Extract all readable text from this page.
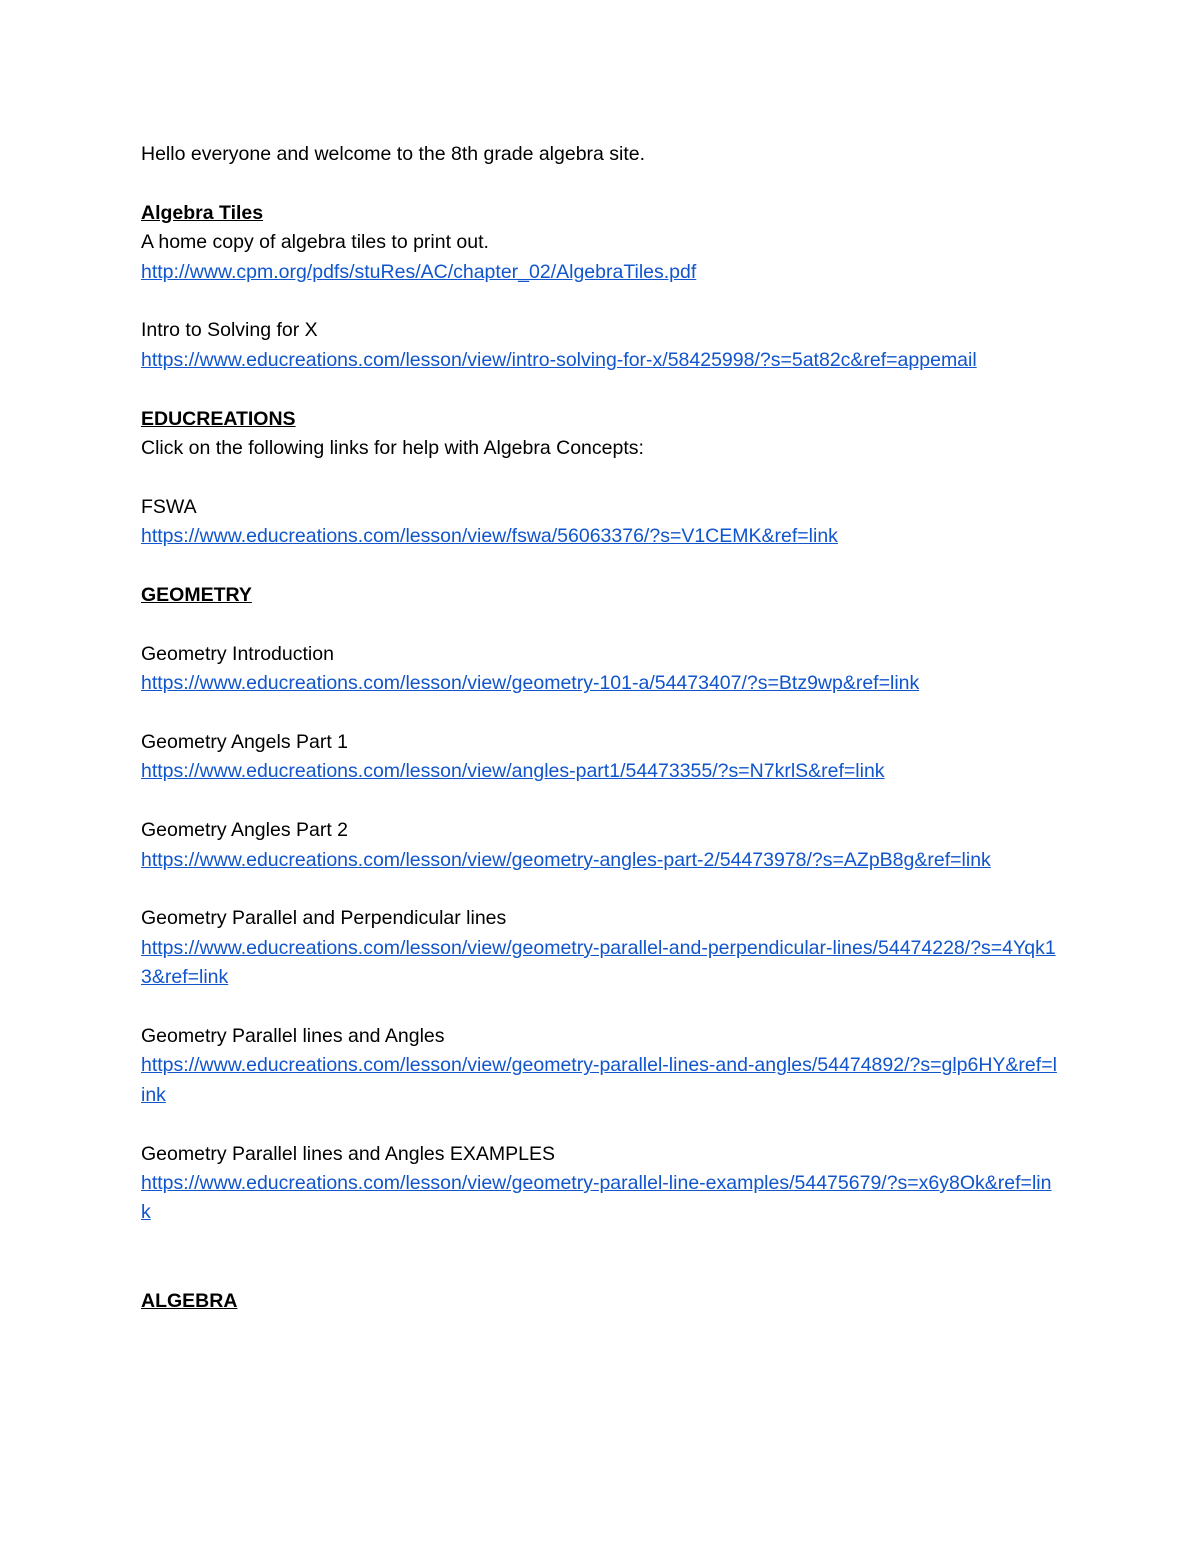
Hello everyone and welcome to the 8th grade algebra site.
Algebra Tiles
A home copy of algebra tiles to print out.
http://www.cpm.org/pdfs/stuRes/AC/chapter_02/AlgebraTiles.pdf
Intro to Solving for X
https://www.educreations.com/lesson/view/intro-solving-for-x/58425998/?s=5at82c&ref=appemail
EDUCREATIONS
Click on the following links for help with Algebra Concepts:
FSWA
https://www.educreations.com/lesson/view/fswa/56063376/?s=V1CEMK&ref=link
GEOMETRY
Geometry Introduction
https://www.educreations.com/lesson/view/geometry-101-a/54473407/?s=Btz9wp&ref=link
Geometry Angels Part 1
https://www.educreations.com/lesson/view/angles-part1/54473355/?s=N7krlS&ref=link
Geometry Angles Part 2
https://www.educreations.com/lesson/view/geometry-angles-part-2/54473978/?s=AZpB8g&ref=link
Geometry Parallel and Perpendicular lines
https://www.educreations.com/lesson/view/geometry-parallel-and-perpendicular-lines/54474228/?s=4Yqk13&ref=link
Geometry Parallel lines and Angles
https://www.educreations.com/lesson/view/geometry-parallel-lines-and-angles/54474892/?s=glp6HY&ref=link
Geometry Parallel lines and Angles EXAMPLES
https://www.educreations.com/lesson/view/geometry-parallel-line-examples/54475679/?s=x6y8Ok&ref=link
ALGEBRA
